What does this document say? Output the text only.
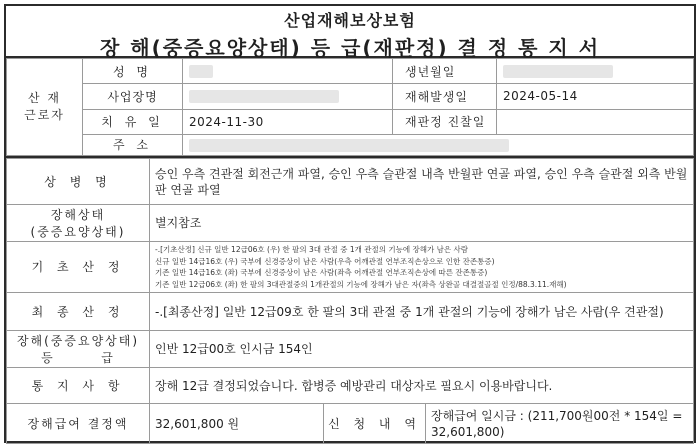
산업재해보상보험
장 해(중증요양상태) 등 급(재판정) 결 정 통 지 서
산 재
근로자	성 명		생년월일	
	사업장명		재해발생일	2024-05-14
	치 유 일	2024-11-30	재판정 진찰일	
	주 소			
상 병 명	승인 우측 견관절 회전근개 파열, 승인 우측 슬관절 내측 반월판 연골 파열, 승인 우측 슬관절 외측 반월판 연골 파열		

장해상태
(중증요양상태)	별지참조		
기 초 산 정	-.[기초산정] 신규 일반 12급06호 (우) 한 팔의 3대 관절 중 1개 관절의 기능에 장해가 남은 사람
신규 일반 14급16호 (우) 국부에 신경증상이 남은 사람(우측 어깨관절 연부조직손상으로 인한 잔존통증)
기존 일반 14급16호 (좌) 국부에 신경증상이 남은 사람(좌측 어깨관절 연부조직손상에 따른 잔존통증)
기존 일반 12급06호 (좌) 한 팔의 3대관절중의 1개관절의 기능에 장해가 남은 자(좌측 상완골 대결절골절 인정/88.3.11.재해)		

최 종 산 정	-.[최종산정] 일반 12급09호 한 팔의 3대 관절 중 1개 관절의 기능에 장해가 남은 사람(우 견관절)		

장해(중증요양상태)
등        급	인반 12급00호 인시금 154인		
통 지 사 항	장해 12급 결정되었습니다. 합병증 예방관리 대상자로 필요시 이용바랍니다.		
장해급여 결정액	32,601,800 원	신 청 내 역	장해급여 일시금 : (211,700원00전 * 154일 = 32,601,800)
